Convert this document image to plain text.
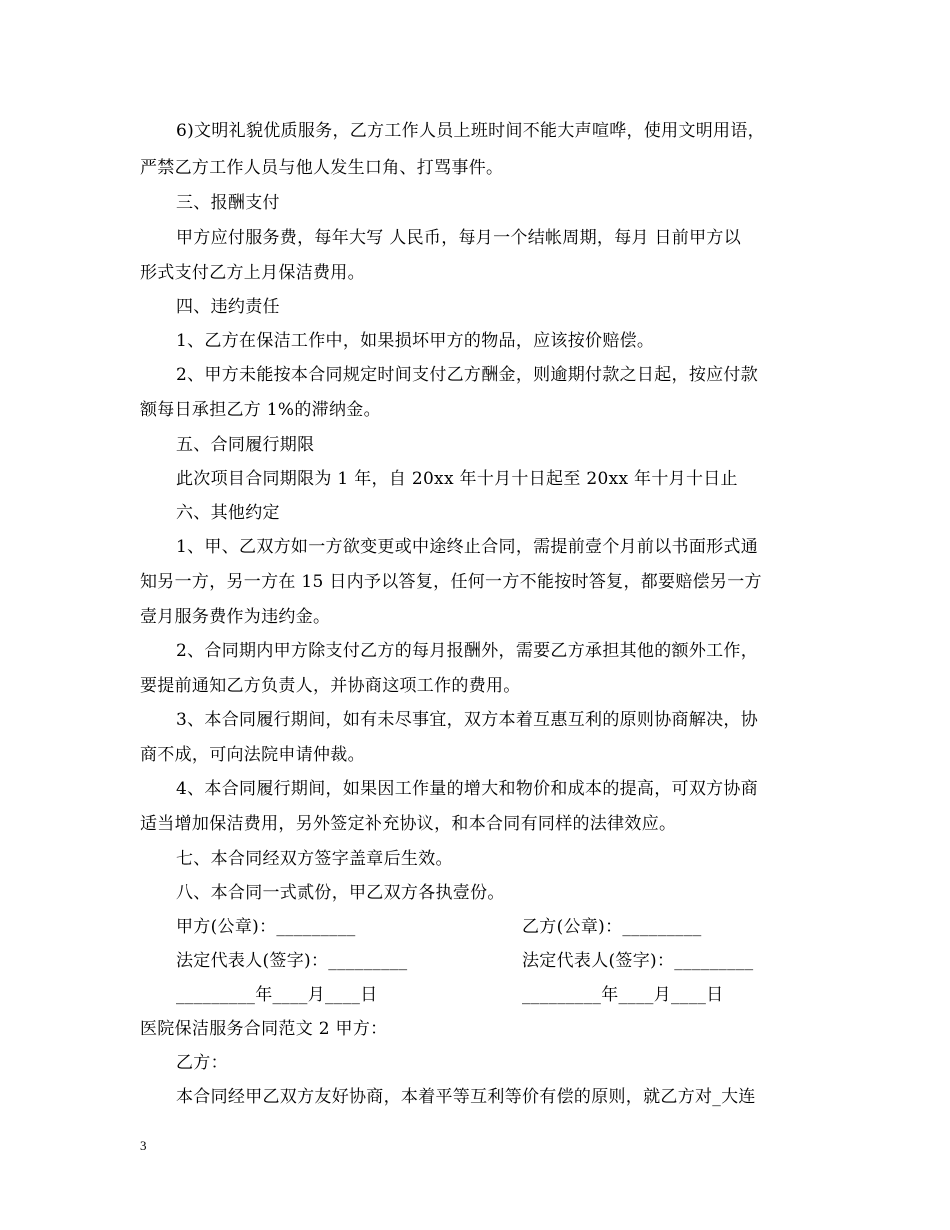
6)文明礼貌优质服务，乙方工作人员上班时间不能大声喧哗，使用文明用语，
严禁乙方工作人员与他人发生口角、打骂事件。
三、报酬支付
甲方应付服务费，每年大写 人民币，每月一个结帐周期，每月 日前甲方以
形式支付乙方上月保洁费用。
四、违约责任
1、乙方在保洁工作中，如果损坏甲方的物品，应该按价赔偿。
2、甲方未能按本合同规定时间支付乙方酬金，则逾期付款之日起，按应付款
额每日承担乙方 1%的滞纳金。
五、合同履行期限
此次项目合同期限为 1 年，自 20xx 年十月十日起至 20xx 年十月十日止
六、其他约定
1、甲、乙双方如一方欲变更或中途终止合同，需提前壹个月前以书面形式通
知另一方，另一方在 15 日内予以答复，任何一方不能按时答复，都要赔偿另一方
壹月服务费作为违约金。
2、合同期内甲方除支付乙方的每月报酬外，需要乙方承担其他的额外工作，
要提前通知乙方负责人，并协商这项工作的费用。
3、本合同履行期间，如有未尽事宜，双方本着互惠互利的原则协商解决，协
商不成，可向法院申请仲裁。
4、本合同履行期间，如果因工作量的增大和物价和成本的提高，可双方协商
适当增加保洁费用，另外签定补充协议，和本合同有同样的法律效应。
七、本合同经双方签字盖章后生效。
八、本合同一式贰份，甲乙双方各执壹份。
甲方(公章)：_________	乙方(公章)：_________
法定代表人(签字)：_________	法定代表人(签字)：_________
_________年____月____日	_________年____月____日
医院保洁服务合同范文 2 甲方：
乙方：
本合同经甲乙双方友好协商，本着平等互利等价有偿的原则，就乙方对_大连
3
